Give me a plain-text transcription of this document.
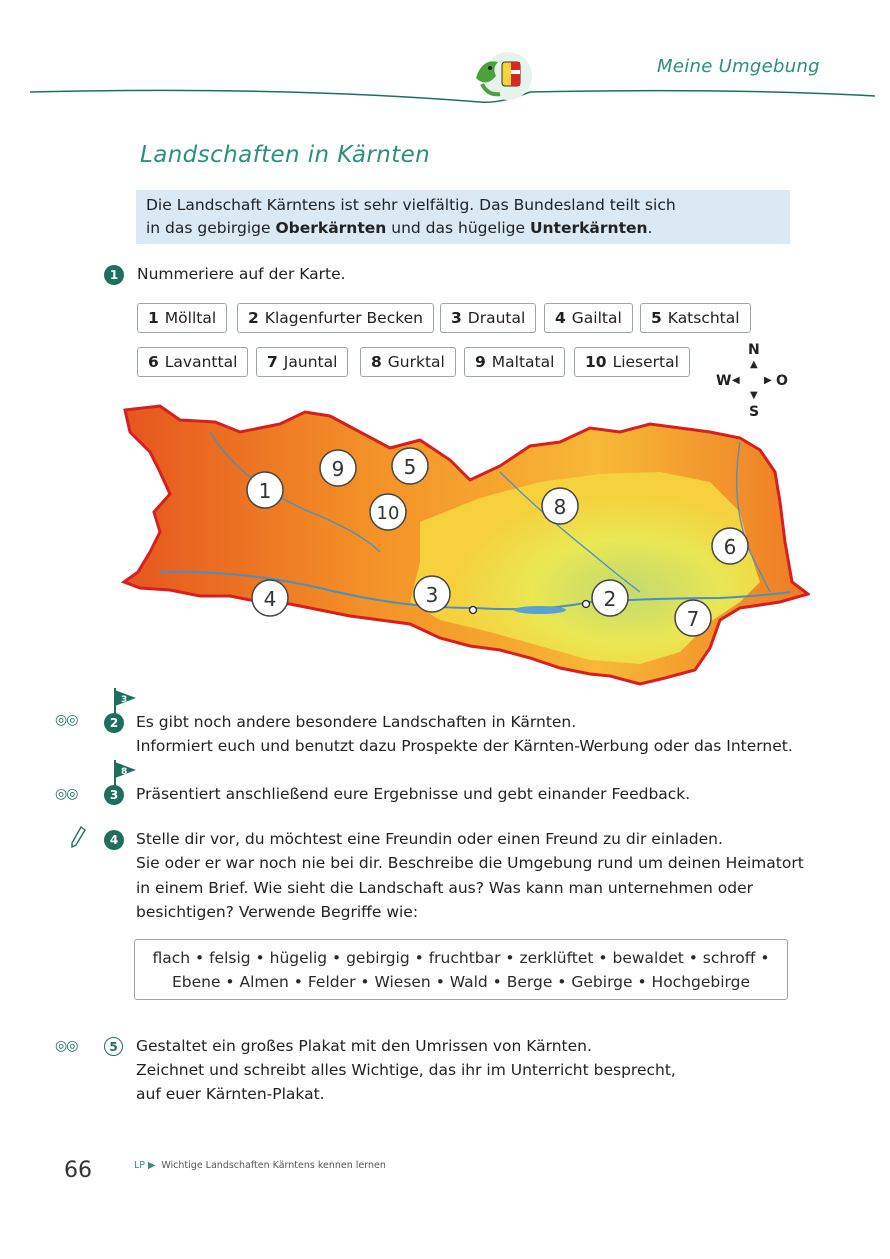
Meine Umgebung
Landschaften in Kärnten
Die Landschaft Kärntens ist sehr vielfältig. Das Bundesland teilt sich
in das gebirgige Oberkärnten und das hügelige Unterkärnten.
1	Nummeriere auf der Karte.
1 Mölltal	2 Klagenfurter Becken	3 Drautal	4 Gailtal	5 Katschtal
6 Lavanttal	7 Jauntal	8 Gurktal	9 Maltatal	10 Liesertal
N
▲
W ◀ ▶ O
▼
S
1
9	5
10	8
6
4	3	2
7
3
◎◎	2	Es gibt noch andere besondere Landschaften in Kärnten.
Informiert euch und benutzt dazu Prospekte der Kärnten-Werbung oder das Internet.
8
◎◎	3	Präsentiert anschließend eure Ergebnisse und gebt einander Feedback.
4	Stelle dir vor, du möchtest eine Freundin oder einen Freund zu dir einladen.
Sie oder er war noch nie bei dir. Beschreibe die Umgebung rund um deinen Heimatort
in einem Brief. Wie sieht die Landschaft aus? Was kann man unternehmen oder
besichtigen? Verwende Begriffe wie:
flach • felsig • hügelig • gebirgig • fruchtbar • zerklüftet • bewaldet • schroff •
Ebene • Almen • Felder • Wiesen • Wald • Berge • Gebirge • Hochgebirge
◎◎	5	Gestaltet ein großes Plakat mit den Umrissen von Kärnten.
Zeichnet und schreibt alles Wichtige, das ihr im Unterricht besprecht,
auf euer Kärnten-Plakat.
66	LP ▶ Wichtige Landschaften Kärntens kennen lernen
